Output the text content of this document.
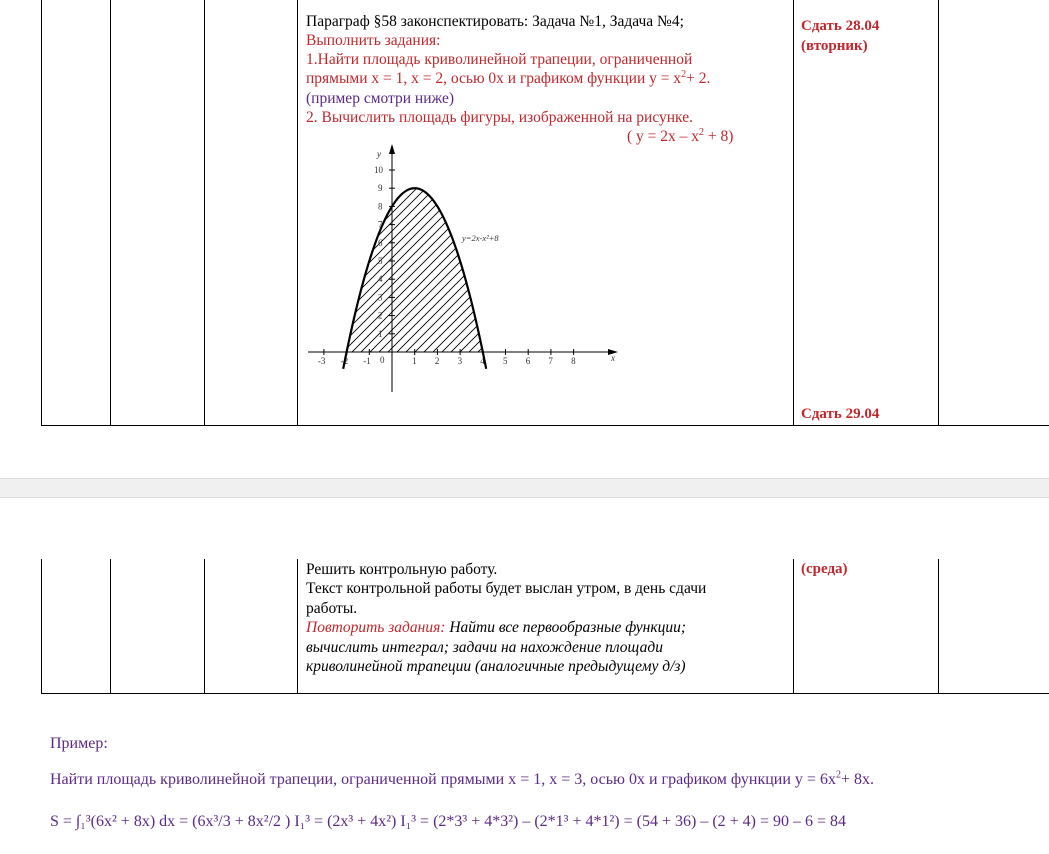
Параграф §58 законспектировать: Задача №1, Задача №4;
Выполнить задания:
1.Найти площадь криволинейной трапеции, ограниченной
прямыми х = 1, х = 2, осью 0х и графиком функции $у = х^2+ 2$.
(пример смотри ниже)
2. Вычислить площадь фигуры, изображенной на рисунке.
( $у = 2х - х^2 + 8$)
Сдать 28.04
(вторник)
Сдать 29.04
-3 -2 -1	1 2 3 4 5 6 7 8
10
9
8
7
6
5
4
3
2
1
y
x
0
y=2x-x²+8
Решить контрольную работу.
Текст контрольной работы будет выслан утром, в день сдачи
работы.
Повторить задания: Найти все первообразные функции;
вычислить интеграл; задачи на нахождение площади
криволинейной трапеции (аналогичные предыдущему д/з)
(среда)
Пример:
Найти площадь криволинейной трапеции, ограниченной прямыми х = 1, х = 3, осью 0х и графиком функции $у = 6х^2+ 8х$.
S = ∫₁³(6x² + 8x) dx = (6x³/3 + 8x²/2 ) I₁³ = (2x³ + 4x²) I₁³ = (2*3³ + 4*3²) – (2*1³ + 4*1²) = (54 + 36) – (2 + 4) = 90 – 6 = 84
